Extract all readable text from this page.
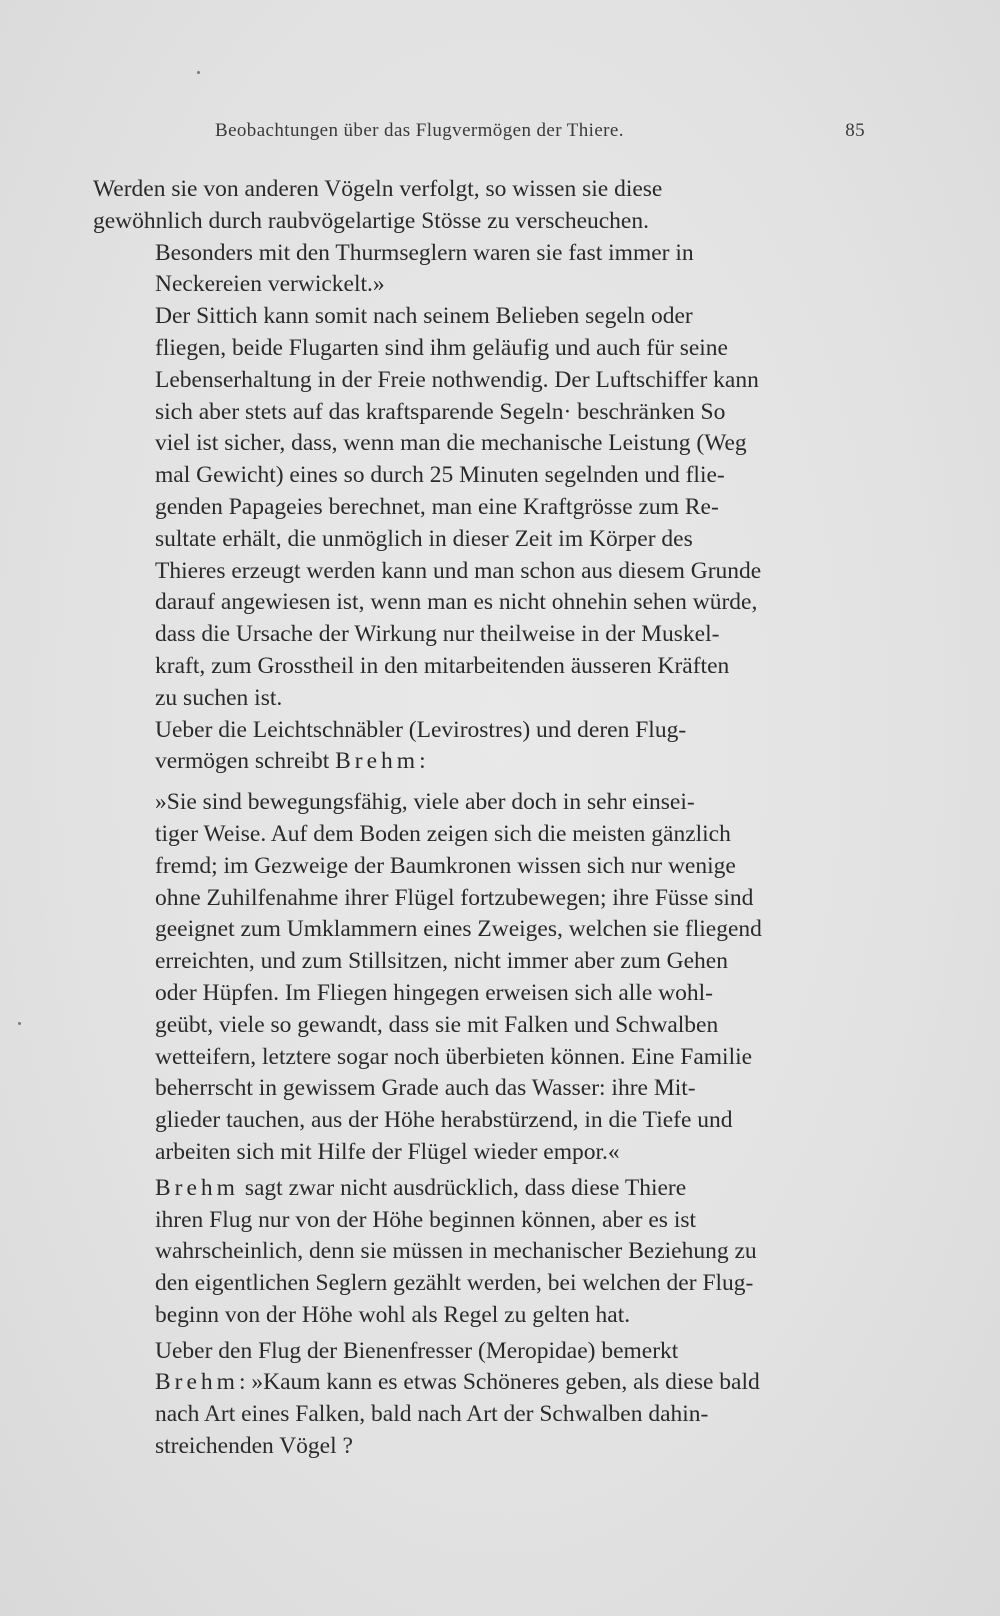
Beobachtungen über das Flugvermögen der Thiere.	85

Werden sie von anderen Vögeln verfolgt, so wissen sie diese
gewöhnlich durch raubvögelartige Stösse zu verscheuchen.

Besonders mit den Thurmseglern waren sie fast immer in
Neckereien verwickelt.»

Der Sittich kann somit nach seinem Belieben segeln oder
fliegen, beide Flugarten sind ihm geläufig und auch für seine
Lebenserhaltung in der Freie nothwendig. Der Luftschiffer kann
sich aber stets auf das kraftsparende Segeln· beschränken So
viel ist sicher, dass, wenn man die mechanische Leistung (Weg
mal Gewicht) eines so durch 25 Minuten segelnden und flie-
genden Papageies berechnet, man eine Kraftgrösse zum Re-
sultate erhält, die unmöglich in dieser Zeit im Körper des
Thieres erzeugt werden kann und man schon aus diesem Grunde
darauf angewiesen ist, wenn man es nicht ohnehin sehen würde,
dass die Ursache der Wirkung nur theilweise in der Muskel-
kraft, zum Grosstheil in den mitarbeitenden äusseren Kräften
zu suchen ist.

Ueber die Leichtschnäbler (Levirostres) und deren Flug-
vermögen schreibt Brehm:

»Sie sind bewegungsfähig, viele aber doch in sehr einsei-
tiger Weise. Auf dem Boden zeigen sich die meisten gänzlich
fremd; im Gezweige der Baumkronen wissen sich nur wenige
ohne Zuhilfenahme ihrer Flügel fortzubewegen; ihre Füsse sind
geeignet zum Umklammern eines Zweiges, welchen sie fliegend
erreichten, und zum Stillsitzen, nicht immer aber zum Gehen
oder Hüpfen. Im Fliegen hingegen erweisen sich alle wohl-
geübt, viele so gewandt, dass sie mit Falken und Schwalben
wetteifern, letztere sogar noch überbieten können. Eine Familie
beherrscht in gewissem Grade auch das Wasser: ihre Mit-
glieder tauchen, aus der Höhe herabstürzend, in die Tiefe und
arbeiten sich mit Hilfe der Flügel wieder empor.«

Brehm sagt zwar nicht ausdrücklich, dass diese Thiere
ihren Flug nur von der Höhe beginnen können, aber es ist
wahrscheinlich, denn sie müssen in mechanischer Beziehung zu
den eigentlichen Seglern gezählt werden, bei welchen der Flug-
beginn von der Höhe wohl als Regel zu gelten hat.

Ueber den Flug der Bienenfresser (Meropidae) bemerkt
Brehm: »Kaum kann es etwas Schöneres geben, als diese bald
nach Art eines Falken, bald nach Art der Schwalben dahin-
streichenden Vögel ?
